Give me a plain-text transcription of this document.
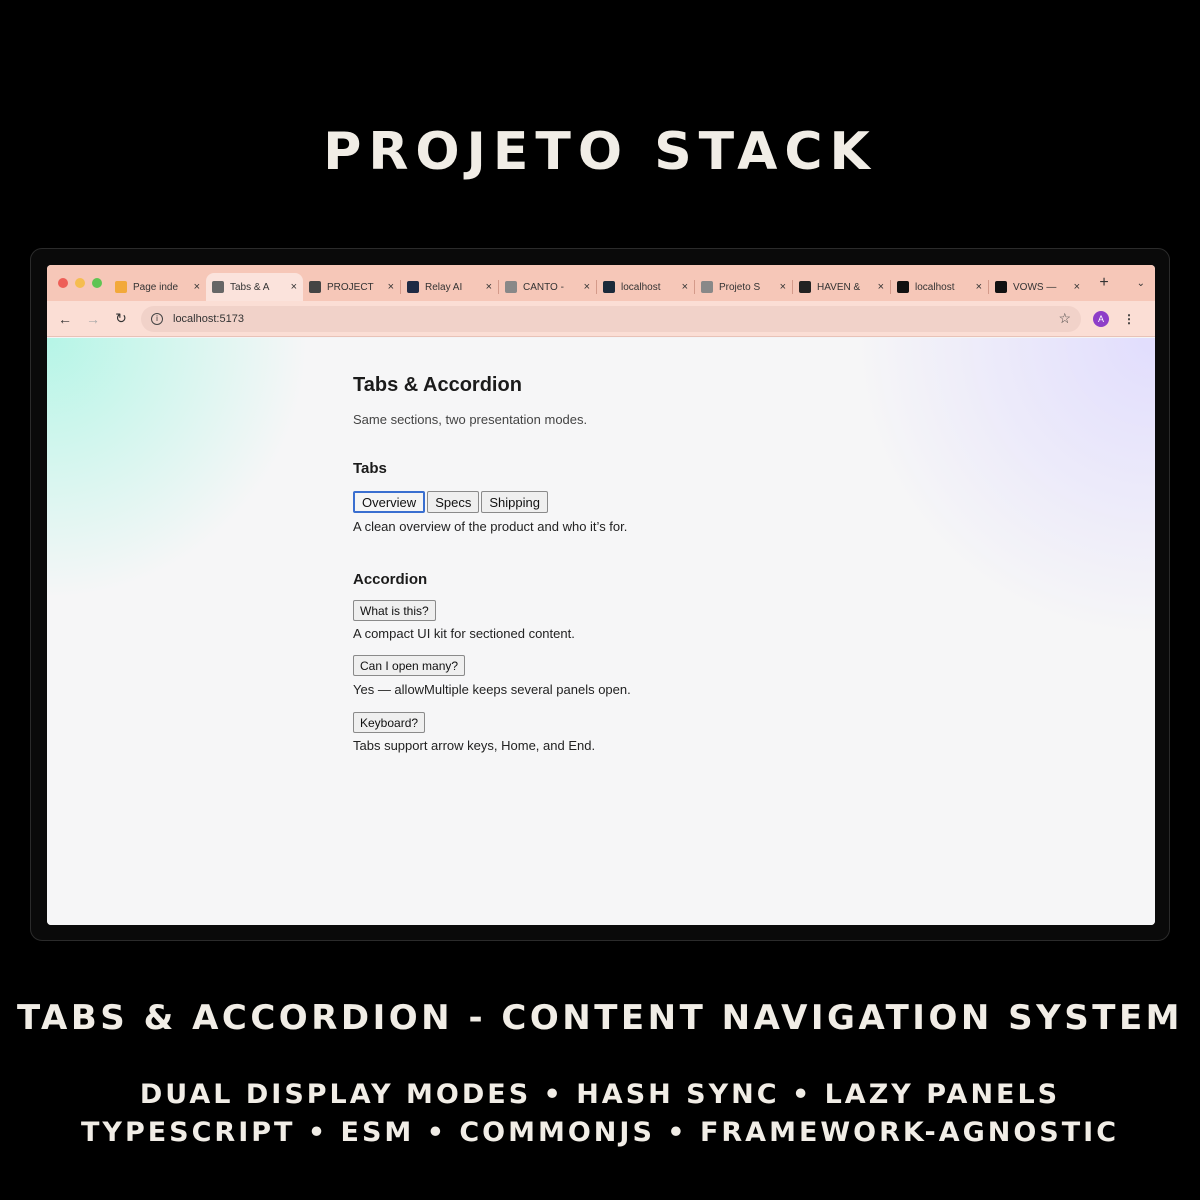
PROJETO STACK
Page inde	×	Tabs & A	×	PROJECT	×	Relay AI	×	CANTO -	×	localhost	×	Projeto S	×	HAVEN &	×	localhost	×	VOWS —	×	+	⌄
←	→	↻	i	localhost:5173	☆	A	⋮
Tabs & Accordion
Same sections, two presentation modes.
Tabs
Overview	Specs	Shipping
A clean overview of the product and who it’s for.
Accordion
What is this?
A compact UI kit for sectioned content.
Can I open many?
Yes — allowMultiple keeps several panels open.
Keyboard?
Tabs support arrow keys, Home, and End.
TABS & ACCORDION - CONTENT NAVIGATION SYSTEM
DUAL DISPLAY MODES • HASH SYNC • LAZY PANELS
TYPESCRIPT • ESM • COMMONJS • FRAMEWORK-AGNOSTIC
